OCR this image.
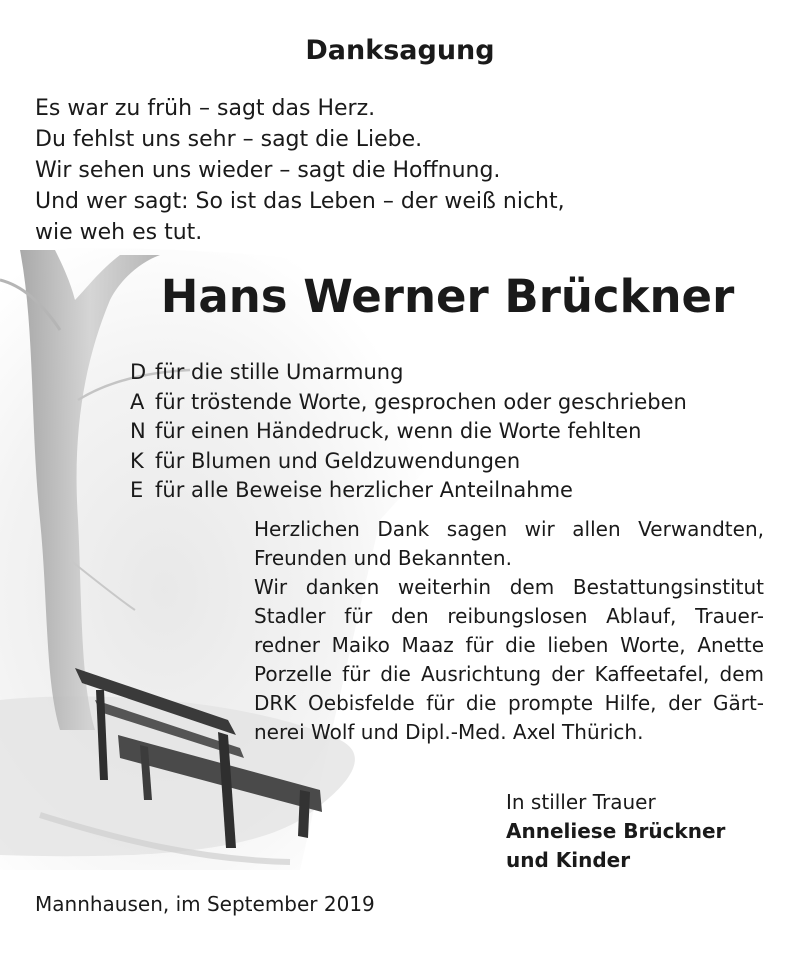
Danksagung
Es war zu früh – sagt das Herz.
Du fehlst uns sehr – sagt die Liebe.
Wir sehen uns wieder – sagt die Hoffnung.
Und wer sagt: So ist das Leben – der weiß nicht,
wie weh es tut.
Hans Werner Brückner
D für die stille Umarmung
A für tröstende Worte, gesprochen oder geschrieben
N für einen Händedruck, wenn die Worte fehlten
K für Blumen und Geldzuwendungen
E für alle Beweise herzlicher Anteilnahme
Herzlichen Dank sagen wir allen Verwandten,
Freunden und Bekannten.
Wir danken weiterhin dem Bestattungsinstitut
Stadler für den reibungslosen Ablauf, Trauer-
redner Maiko Maaz für die lieben Worte, Anette
Porzelle für die Ausrichtung der Kaffeetafel, dem
DRK Oebisfelde für die prompte Hilfe, der Gärt-
nerei Wolf und Dipl.-Med. Axel Thürich.
In stiller Trauer
Anneliese Brückner
und Kinder
Mannhausen, im September 2019
